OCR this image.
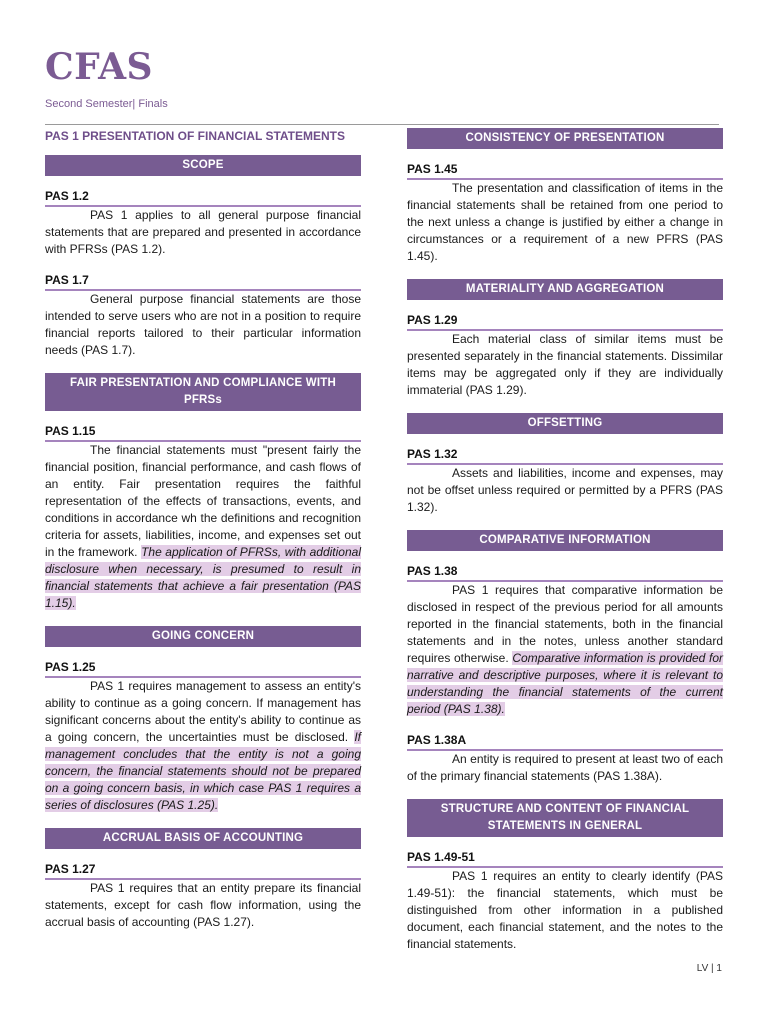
CFAS
Second Semester| Finals
PAS 1 PRESENTATION OF FINANCIAL STATEMENTS
SCOPE
PAS 1.2

PAS 1 applies to all general purpose financial statements that are prepared and presented in accordance with PFRSs (PAS 1.2).

PAS 1.7

General purpose financial statements are those intended to serve users who are not in a position to require financial reports tailored to their particular information needs (PAS 1.7).

FAIR PRESENTATION AND COMPLIANCE WITH PFRSs
PAS 1.15

The financial statements must "present fairly the financial position, financial performance, and cash flows of an entity. Fair presentation requires the faithful representation of the effects of transactions, events, and conditions in accordance wh the definitions and recognition criteria for assets, liabilities, income, and expenses set out in the framework. The application of PFRSs, with additional disclosure when necessary, is presumed to result in financial statements that achieve a fair presentation (PAS 1.15).

GOING CONCERN
PAS 1.25

PAS 1 requires management to assess an entity's ability to continue as a going concern. If management has significant concerns about the entity's ability to continue as a going concern, the uncertainties must be disclosed. If management concludes that the entity is not a going concern, the financial statements should not be prepared on a going concern basis, in which case PAS 1 requires a series of disclosures (PAS 1.25).

ACCRUAL BASIS OF ACCOUNTING
PAS 1.27

PAS 1 requires that an entity prepare its financial statements, except for cash flow information, using the accrual basis of accounting (PAS 1.27).

CONSISTENCY OF PRESENTATION
PAS 1.45

The presentation and classification of items in the financial statements shall be retained from one period to the next unless a change is justified by either a change in circumstances or a requirement of a new PFRS (PAS 1.45).

MATERIALITY AND AGGREGATION
PAS 1.29

Each material class of similar items must be presented separately in the financial statements. Dissimilar items may be aggregated only if they are individually immaterial (PAS 1.29).

OFFSETTING
PAS 1.32

Assets and liabilities, income and expenses, may not be offset unless required or permitted by a PFRS (PAS 1.32).

COMPARATIVE INFORMATION
PAS 1.38

PAS 1 requires that comparative information be disclosed in respect of the previous period for all amounts reported in the financial statements, both in the financial statements and in the notes, unless another standard requires otherwise. Comparative information is provided for narrative and descriptive purposes, where it is relevant to understanding the financial statements of the current period (PAS 1.38).

PAS 1.38A

An entity is required to present at least two of each of the primary financial statements (PAS 1.38A).

STRUCTURE AND CONTENT OF FINANCIAL STATEMENTS IN GENERAL
PAS 1.49-51

PAS 1 requires an entity to clearly identify (PAS 1.49-51): the financial statements, which must be distinguished from other information in a published document, each financial statement, and the notes to the financial statements.

LV | 1
